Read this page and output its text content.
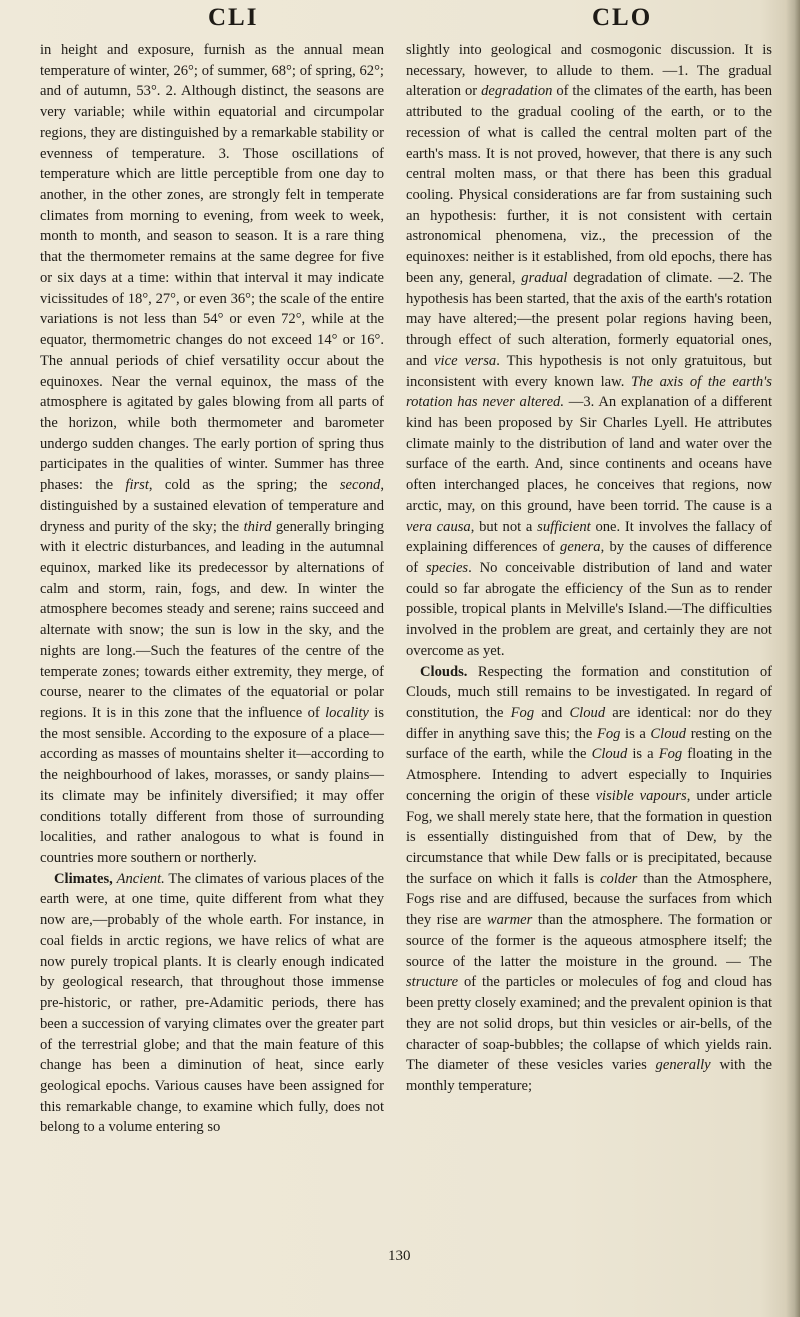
CLI	CLO

in height and exposure, furnish as the annual mean temperature of winter, 26°; of summer, 68°; of spring, 62°; and of autumn, 53°. 2. Although distinct, the seasons are very variable; while within equatorial and circumpolar regions, they are distinguished by a remarkable stability or evenness of temperature. 3. Those oscillations of temperature which are little perceptible from one day to another, in the other zones, are strongly felt in temperate climates from morning to evening, from week to week, month to month, and season to season. It is a rare thing that the thermometer remains at the same degree for five or six days at a time: within that interval it may indicate vicissitudes of 18°, 27°, or even 36°; the scale of the entire variations is not less than 54° or even 72°, while at the equator, thermometric changes do not exceed 14° or 16°. The annual periods of chief versatility occur about the equinoxes. Near the vernal equinox, the mass of the atmosphere is agitated by gales blowing from all parts of the horizon, while both thermometer and barometer undergo sudden changes. The early portion of spring thus participates in the qualities of winter. Summer has three phases: the first, cold as the spring; the second, distinguished by a sustained elevation of temperature and dryness and purity of the sky; the third generally bringing with it electric disturbances, and leading in the autumnal equinox, marked like its predecessor by alternations of calm and storm, rain, fogs, and dew. In winter the atmosphere becomes steady and serene; rains succeed and alternate with snow; the sun is low in the sky, and the nights are long.—Such the features of the centre of the temperate zones; towards either extremity, they merge, of course, nearer to the climates of the equatorial or polar regions. It is in this zone that the influence of locality is the most sensible. According to the exposure of a place—according as masses of mountains shelter it—according to the neighbourhood of lakes, morasses, or sandy plains—its climate may be infinitely diversified; it may offer conditions totally different from those of surrounding localities, and rather analogous to what is found in countries more southern or northerly.

Climates, Ancient. The climates of various places of the earth were, at one time, quite different from what they now are,—probably of the whole earth. For instance, in coal fields in arctic regions, we have relics of what are now purely tropical plants. It is clearly enough indicated by geological research, that throughout those immense pre-historic, or rather, pre-Adamitic periods, there has been a succession of varying climates over the greater part of the terrestrial globe; and that the main feature of this change has been a diminution of heat, since early geological epochs. Various causes have been assigned for this remarkable change, to examine which fully, does not belong to a volume entering so

slightly into geological and cosmogonic discussion. It is necessary, however, to allude to them. —1. The gradual alteration or degradation of the climates of the earth, has been attributed to the gradual cooling of the earth, or to the recession of what is called the central molten part of the earth's mass. It is not proved, however, that there is any such central molten mass, or that there has been this gradual cooling. Physical considerations are far from sustaining such an hypothesis: further, it is not consistent with certain astronomical phenomena, viz., the precession of the equinoxes: neither is it established, from old epochs, there has been any, general, gradual degradation of climate. —2. The hypothesis has been started, that the axis of the earth's rotation may have altered;—the present polar regions having been, through effect of such alteration, formerly equatorial ones, and vice versa. This hypothesis is not only gratuitous, but inconsistent with every known law. The axis of the earth's rotation has never altered. —3. An explanation of a different kind has been proposed by Sir Charles Lyell. He attributes climate mainly to the distribution of land and water over the surface of the earth. And, since continents and oceans have often interchanged places, he conceives that regions, now arctic, may, on this ground, have been torrid. The cause is a vera causa, but not a sufficient one. It involves the fallacy of explaining differences of genera, by the causes of difference of species. No conceivable distribution of land and water could so far abrogate the efficiency of the Sun as to render possible, tropical plants in Melville's Island.—The difficulties involved in the problem are great, and certainly they are not overcome as yet.

Clouds. Respecting the formation and constitution of Clouds, much still remains to be investigated. In regard of constitution, the Fog and Cloud are identical: nor do they differ in anything save this; the Fog is a Cloud resting on the surface of the earth, while the Cloud is a Fog floating in the Atmosphere. Intending to advert especially to Inquiries concerning the origin of these visible vapours, under article Fog, we shall merely state here, that the formation in question is essentially distinguished from that of Dew, by the circumstance that while Dew falls or is precipitated, because the surface on which it falls is colder than the Atmosphere, Fogs rise and are diffused, because the surfaces from which they rise are warmer than the atmosphere. The formation or source of the former is the aqueous atmosphere itself; the source of the latter the moisture in the ground. — The structure of the particles or molecules of fog and cloud has been pretty closely examined; and the prevalent opinion is that they are not solid drops, but thin vesicles or air-bells, of the character of soap-bubbles; the collapse of which yields rain. The diameter of these vesicles varies generally with the monthly temperature;

130
